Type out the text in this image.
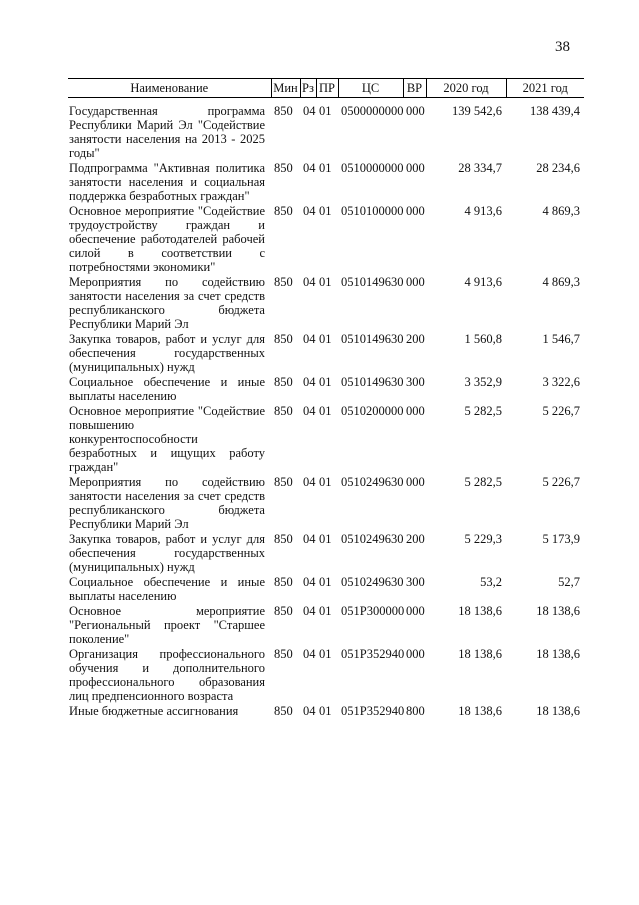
38
Наименование	Мин	Рз	ПР	ЦС	ВР	2020 год	2021 год
Государственная программа Республики Марий Эл "Содействие занятости населения на 2013 - 2025 годы"	850	04	01	0500000000	000	139 542,6	138 439,4
Подпрограмма "Активная политика занятости населения и социальная поддержка безработных граждан"	850	04	01	0510000000	000	28 334,7	28 234,6
Основное мероприятие "Содействие трудоустройству граждан и обеспечение работодателей рабочей силой в соответствии с потребностями экономики"	850	04	01	0510100000	000	4 913,6	4 869,3
Мероприятия по содействию занятости населения за счет средств республиканского бюджета Республики Марий Эл	850	04	01	0510149630	000	4 913,6	4 869,3
Закупка товаров, работ и услуг для обеспечения государственных (муниципальных) нужд	850	04	01	0510149630	200	1 560,8	1 546,7
Социальное обеспечение и иные выплаты населению	850	04	01	0510149630	300	3 352,9	3 322,6
Основное мероприятие "Содействие повышению конкурентоспособности безработных и ищущих работу граждан"	850	04	01	0510200000	000	5 282,5	5 226,7
Мероприятия по содействию занятости населения за счет средств республиканского бюджета Республики Марий Эл	850	04	01	0510249630	000	5 282,5	5 226,7
Закупка товаров, работ и услуг для обеспечения государственных (муниципальных) нужд	850	04	01	0510249630	200	5 229,3	5 173,9
Социальное обеспечение и иные выплаты населению	850	04	01	0510249630	300	53,2	52,7
Основное мероприятие "Региональный проект "Старшее поколение"	850	04	01	051P300000	000	18 138,6	18 138,6
Организация профессионального обучения и дополнительного профессионального образования лиц предпенсионного возраста	850	04	01	051P352940	000	18 138,6	18 138,6
Иные бюджетные ассигнования	850	04	01	051P352940	800	18 138,6	18 138,6
